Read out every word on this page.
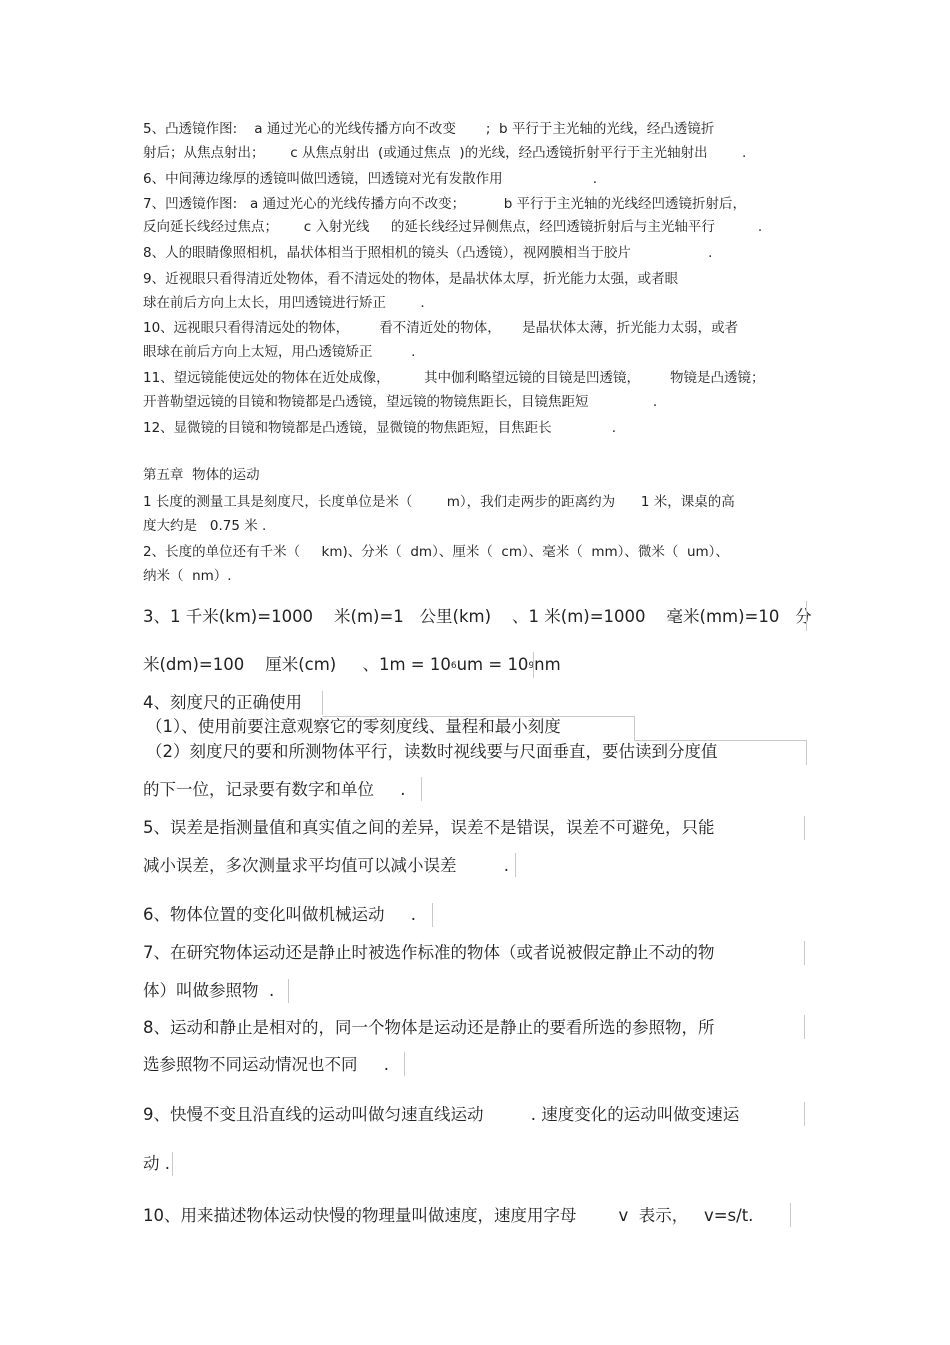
5、凸透镜作图:    a 通过光心的光线传播方向不改变       ;  b 平行于主光轴的光线，经凸透镜折
射后；从焦点射出；      c 从焦点射出  (或通过焦点  )的光线，经凸透镜折射平行于主光轴射出        .
6、中间薄边缘厚的透镜叫做凹透镜，凹透镜对光有发散作用                     .
7、凹透镜作图:   a 通过光心的光线传播方向不改变；         b 平行于主光轴的光线经凹透镜折射后，
反向延长线经过焦点；      c 入射光线     的延长线经过异侧焦点，经凹透镜折射后与主光轴平行          .
8、人的眼睛像照相机，晶状体相当于照相机的镜头（凸透镜），视网膜相当于胶片                  .
9、近视眼只看得清近处物体，看不清远处的物体，是晶状体太厚，折光能力太强，或者眼
球在前后方向上太长，用凹透镜进行矫正        .
10、远视眼只看得清远处的物体，       看不清近处的物体，     是晶状体太薄，折光能力太弱，或者
眼球在前后方向上太短，用凸透镜矫正         .
11、望远镜能使远处的物体在近处成像，        其中伽利略望远镜的目镜是凹透镜，       物镜是凸透镜；
开普勒望远镜的目镜和物镜都是凸透镜，望远镜的物镜焦距长，目镜焦距短               .
12、显微镜的目镜和物镜都是凸透镜，显微镜的物焦距短，目焦距长              .
第五章  物体的运动
1 长度的测量工具是刻度尺，长度单位是米（        m），我们走两步的距离约为      1 米，课桌的高
度大约是   0.75 米 .
2、长度的单位还有千米（     km)、分米（  dm）、厘米（  cm）、毫米（  mm）、微米（  um）、
纳米（  nm）.
3、1 千米(km)=1000    米(m)=1   公里(km)    、1 米(m)=1000    毫米(mm)=10   分
米(dm)=100    厘米(cm)     、$1m = 10^6um = 10^9nm$
4、刻度尺的正确使用
（1）、使用前要注意观察它的零刻度线、量程和最小刻度
（2）刻度尺的要和所测物体平行，读数时视线要与尺面垂直，要估读到分度值
的下一位，记录要有数字和单位     .
5、误差是指测量值和真实值之间的差异，误差不是错误，误差不可避免，只能
减小误差，多次测量求平均值可以减小误差         .
6、物体位置的变化叫做机械运动     .
7、在研究物体运动还是静止时被选作标准的物体（或者说被假定静止不动的物
体）叫做参照物  .
8、运动和静止是相对的，同一个物体是运动还是静止的要看所选的参照物，所
选参照物不同运动情况也不同     .
9、快慢不变且沿直线的运动叫做匀速直线运动         . 速度变化的运动叫做变速运
动 .
10、用来描述物体运动快慢的物理量叫做速度，速度用字母        v  表示，   v=s/t.
